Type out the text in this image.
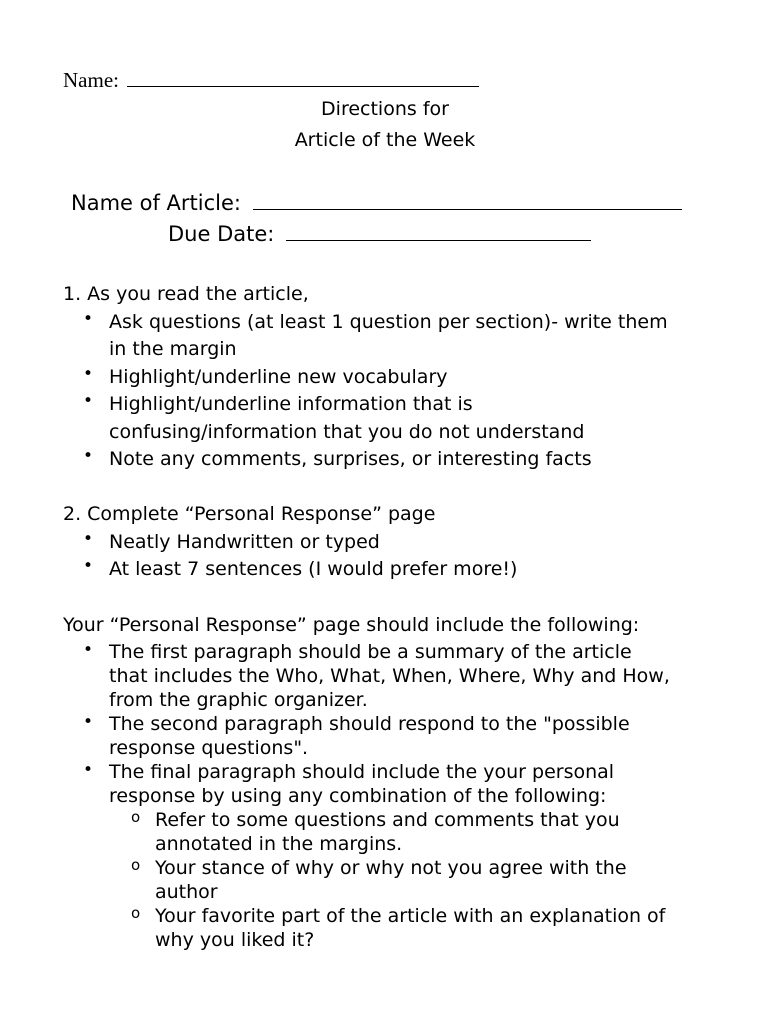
Name:
Directions for
Article of the Week
Name of Article:
Due Date:
1. As you read the article,
• Ask questions (at least 1 question per section)- write them
in the margin
• Highlight/underline new vocabulary
• Highlight/underline information that is
confusing/information that you do not understand
• Note any comments, surprises, or interesting facts
2. Complete “Personal Response” page
• Neatly Handwritten or typed
• At least 7 sentences (I would prefer more!)
Your “Personal Response” page should include the following:
• The first paragraph should be a summary of the article
that includes the Who, What, When, Where, Why and How,
from the graphic organizer.
• The second paragraph should respond to the "possible
response questions".
• The final paragraph should include the your personal
response by using any combination of the following:
o Refer to some questions and comments that you
annotated in the margins.
o Your stance of why or why not you agree with the
author
o Your favorite part of the article with an explanation of
why you liked it?
